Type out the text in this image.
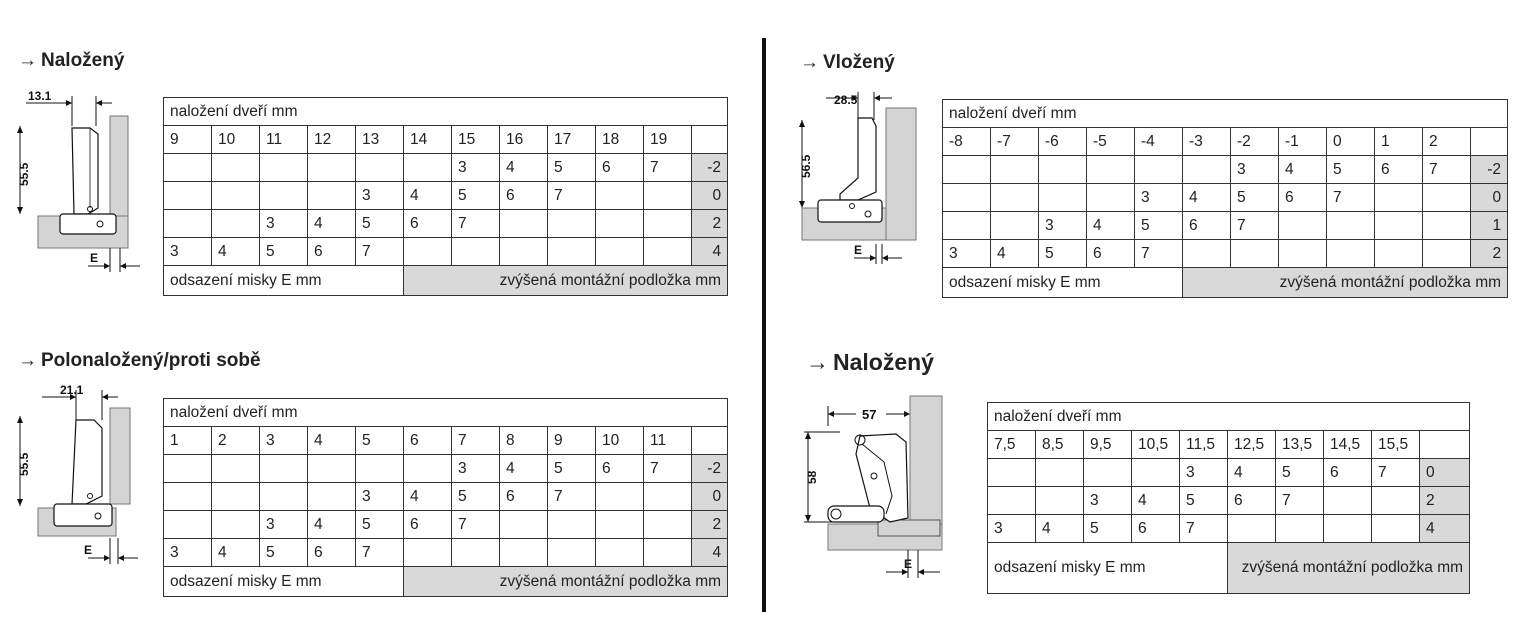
→ Naložený
13.1
55.5
E
naložení dveří mm											
9	10	11	12	13	14	15	16	17	18	19	
						3	4	5	6	7	-2
				3	4	5	6	7			0
		3	4	5	6	7					2
3	4	5	6	7							4
odsazení misky E mm					zvýšená montážní podložka mm						
→ Polonaložený/proti sobě
21.1
55.5
E
naložení dveří mm											
1	2	3	4	5	6	7	8	9	10	11	
						3	4	5	6	7	-2
				3	4	5	6	7			0
		3	4	5	6	7					2
3	4	5	6	7							4
odsazení misky E mm					zvýšená montážní podložka mm						
→ Vložený
28.5
56.5
E
naložení dveří mm											
-8	-7	-6	-5	-4	-3	-2	-1	0	1	2	
						3	4	5	6	7	-2
				3	4	5	6	7			0
		3	4	5	6	7					1
3	4	5	6	7							2
odsazení misky E mm					zvýšená montážní podložka mm						
→ Naložený
57
58
E
naložení dveří mm									
7,5	8,5	9,5	10,5	11,5	12,5	13,5	14,5	15,5	
				3	4	5	6	7	0
		3	4	5	6	7			2
3	4	5	6	7					4
odsazení misky E mm					zvýšená montážní podložka mm				
